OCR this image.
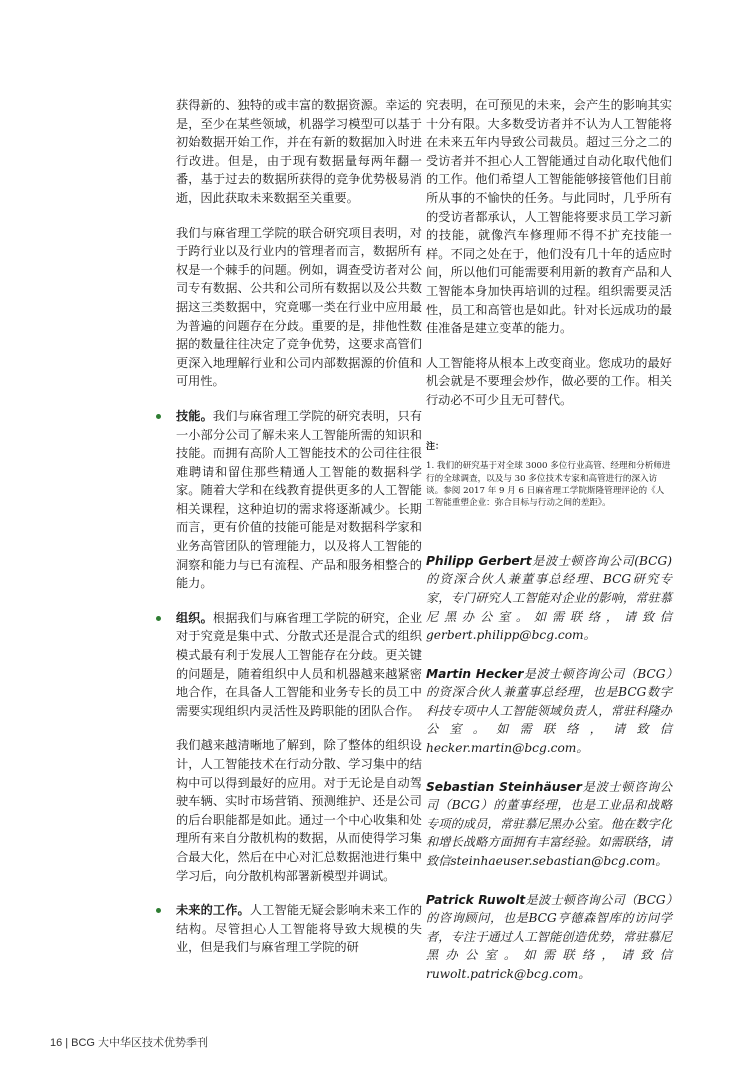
获得新的、独特的或丰富的数据资源。幸运的是，至少在某些领域，机器学习模型可以基于初始数据开始工作，并在有新的数据加入时进行改进。但是，由于现有数据量每两年翻一番，基于过去的数据所获得的竞争优势极易消逝，因此获取未来数据至关重要。

我们与麻省理工学院的联合研究项目表明，对于跨行业以及行业内的管理者而言，数据所有权是一个棘手的问题。例如，调查受访者对公司专有数据、公共和公司所有数据以及公共数据这三类数据中，究竟哪一类在行业中应用最为普遍的问题存在分歧。重要的是，排他性数据的数量往往决定了竞争优势，这要求高管们更深入地理解行业和公司内部数据源的价值和可用性。

技能。我们与麻省理工学院的研究表明，只有一小部分公司了解未来人工智能所需的知识和技能。而拥有高阶人工智能技术的公司往往很难聘请和留住那些精通人工智能的数据科学家。随着大学和在线教育提供更多的人工智能相关课程，这种迫切的需求将逐渐减少。长期而言，更有价值的技能可能是对数据科学家和业务高管团队的管理能力，以及将人工智能的洞察和能力与已有流程、产品和服务相整合的能力。

组织。根据我们与麻省理工学院的研究，企业对于究竟是集中式、分散式还是混合式的组织模式最有利于发展人工智能存在分歧。更关键的问题是，随着组织中人员和机器越来越紧密地合作，在具备人工智能和业务专长的员工中需要实现组织内灵活性及跨职能的团队合作。

我们越来越清晰地了解到，除了整体的组织设计，人工智能技术在行动分散、学习集中的结构中可以得到最好的应用。对于无论是自动驾驶车辆、实时市场营销、预测维护、还是公司的后台职能都是如此。通过一个中心收集和处理所有来自分散机构的数据，从而使得学习集合最大化，然后在中心对汇总数据池进行集中学习后，向分散机构部署新模型并调试。

未来的工作。人工智能无疑会影响未来工作的结构。尽管担心人工智能将导致大规模的失业，但是我们与麻省理工学院的研

究表明，在可预见的未来，会产生的影响其实十分有限。大多数受访者并不认为人工智能将在未来五年内导致公司裁员。超过三分之二的受访者并不担心人工智能通过自动化取代他们的工作。他们希望人工智能能够接管他们目前所从事的不愉快的任务。与此同时，几乎所有的受访者都承认，人工智能将要求员工学习新的技能，就像汽车修理师不得不扩充技能一样。不同之处在于，他们没有几十年的适应时间，所以他们可能需要利用新的教育产品和人工智能本身加快再培训的过程。组织需要灵活性，员工和高管也是如此。针对长远成功的最佳准备是建立变革的能力。

人工智能将从根本上改变商业。您成功的最好机会就是不要理会炒作，做必要的工作。相关行动必不可少且无可替代。

注：

1. 我们的研究基于对全球 3000 多位行业高管、经理和分析师进行的全球调查，以及与 30 多位技术专家和高管进行的深入访谈。参阅 2017 年 9 月 6 日麻省理工学院斯隆管理评论的《人工智能重塑企业：弥合目标与行动之间的差距》。

Philipp Gerbert是波士顿咨询公司(BCG)的资深合伙人兼董事总经理、BCG研究专家，专门研究人工智能对企业的影响，常驻慕尼黑办公室。如需联络，请致信gerbert.philipp@bcg.com。

Martin Hecker是波士顿咨询公司（BCG）的资深合伙人兼董事总经理，也是BCG数字科技专项中人工智能领域负责人，常驻科隆办公室。如需联络，请致信hecker.martin@bcg.com。

Sebastian Steinhäuser是波士顿咨询公司（BCG）的董事经理，也是工业品和战略专项的成员，常驻慕尼黑办公室。他在数字化和增长战略方面拥有丰富经验。如需联络，请致信steinhaeuser.sebastian@bcg.com。

Patrick Ruwolt是波士顿咨询公司（BCG）的咨询顾问，也是BCG亨德森智库的访问学者，专注于通过人工智能创造优势，常驻慕尼黑办公室。如需联络，请致信ruwolt.patrick@bcg.com。

16 | BCG 大中华区技术优势季刊
